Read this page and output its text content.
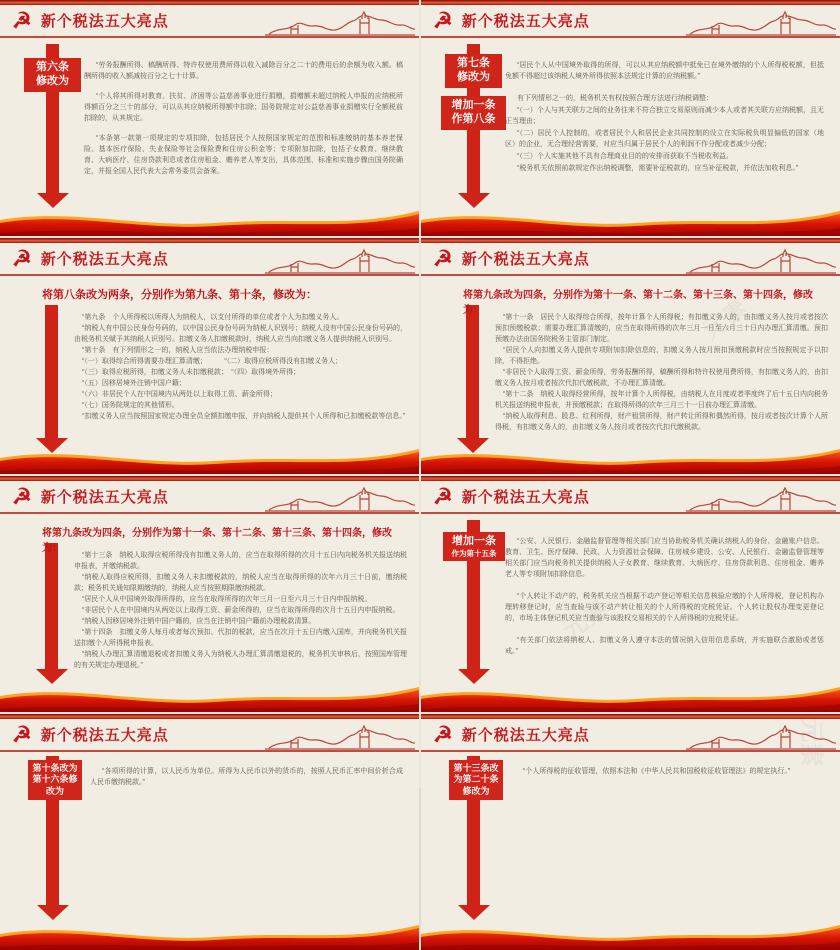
☭ 新个税法五大亮点
第六条
修改为

“劳务报酬所得、稿酬所得、特许权使用费所得以收入减除百分之二十的费用后的余额为收入额。稿酬所得的收入额减按百分之七十计算。

“个人将其所得对教育、扶贫、济困等公益慈善事业进行捐赠，捐赠额未超过纳税人申报的应纳税所得额百分之三十的部分，可以从其应纳税所得额中扣除；国务院规定对公益慈善事业捐赠实行全额税前扣除的，从其规定。

“本条第一款第一项规定的专项扣除，包括居民个人按照国家规定的范围和标准缴纳的基本养老保险、基本医疗保险、失业保险等社会保险费和住房公积金等；专项附加扣除，包括子女教育、继续教育、大病医疗、住房贷款利息或者住房租金、赡养老人等支出，具体范围、标准和实施步骤由国务院确定，并报全国人民代表大会常务委员会备案。

☭ 新个税法五大亮点
第七条
修改为
增加一条
作第八条

“居民个人从中国境外取得的所得，可以从其应纳税额中抵免已在境外缴纳的个人所得税税额，但抵免额不得超过该纳税人境外所得依照本法规定计算的应纳税额。”

有下列情形之一的，税务机关有权按照合理方法进行纳税调整：

“（一）个人与其关联方之间的业务往来不符合独立交易原则而减少本人或者其关联方应纳税额，且无正当理由；

“（二）居民个人控制的，或者居民个人和居民企业共同控制的设立在实际税负明显偏低的国家（地区）的企业，无合理经营需要，对应当归属于居民个人的利润不作分配或者减少分配；

“（三）个人实施其他不具有合理商业目的的安排而获取不当税收利益。

“税务机关依照前款规定作出纳税调整，需要补征税款的，应当补征税款，并依法加收利息。”

☭ 新个税法五大亮点
将第八条改为两条，分别作为第九条、第十条，修改为：

“第九条　个人所得税以所得人为纳税人，以支付所得的单位或者个人为扣缴义务人。

“纳税人有中国公民身份号码的，以中国公民身份号码为纳税人识别号；纳税人没有中国公民身份号码的，由税务机关赋予其纳税人识别号。扣缴义务人扣缴税款时，纳税人应当向扣缴义务人提供纳税人识别号。

“第十条　有下列情形之一的，纳税人应当依法办理纳税申报：

“（一）取得综合所得需要办理汇算清缴；　　　“（二）取得应税所得没有扣缴义务人；

“（三）取得应税所得，扣缴义务人未扣缴税款；　“（四）取得境外所得；

“（五）因移居境外注销中国户籍；

“（六）非居民个人在中国境内从两处以上取得工资、薪金所得；

“（七）国务院规定的其他情形。

“扣缴义务人应当按照国家规定办理全员全额扣缴申报，并向纳税人提供其个人所得和已扣缴税款等信息。”

☭ 新个税法五大亮点
将第九条改为四条，分别作为第十一条、第十二条、第十三条、第十四条，修改为：

“第十一条　居民个人取得综合所得，按年计算个人所得税；有扣缴义务人的，由扣缴义务人按月或者按次预扣预缴税款；需要办理汇算清缴的，应当在取得所得的次年三月一日至六月三十日内办理汇算清缴。预扣预缴办法由国务院税务主管部门制定。

“居民个人向扣缴义务人提供专项附加扣除信息的，扣缴义务人按月预扣预缴税款时应当按照规定予以扣除，不得拒绝。

“非居民个人取得工资、薪金所得，劳务报酬所得，稿酬所得和特许权使用费所得，有扣缴义务人的，由扣缴义务人按月或者按次代扣代缴税款，不办理汇算清缴。

“第十二条　纳税人取得经营所得，按年计算个人所得税，由纳税人在月度或者季度终了后十五日内向税务机关报送纳税申报表，并预缴税款；在取得所得的次年三月三十一日前办理汇算清缴。

“纳税人取得利息、股息、红利所得，财产租赁所得，财产转让所得和偶然所得，按月或者按次计算个人所得税，有扣缴义务人的，由扣缴义务人按月或者按次代扣代缴税款。

☭ 新个税法五大亮点
将第九条改为四条，分别作为第十一条、第十二条、第十三条、第十四条，修改为：

“第十三条　纳税人取得应税所得没有扣缴义务人的，应当在取得所得的次月十五日内向税务机关报送纳税申报表，并缴纳税款。

“纳税人取得应税所得，扣缴义务人未扣缴税款的，纳税人应当在取得所得的次年六月三十日前，缴纳税款；税务机关通知限期缴纳的，纳税人应当按照期限缴纳税款。

“居民个人从中国境外取得所得的，应当在取得所得的次年三月一日至六月三十日内申报纳税。

“非居民个人在中国境内从两处以上取得工资、薪金所得的，应当在取得所得的次月十五日内申报纳税。

“纳税人因移居境外注销中国户籍的，应当在注销中国户籍前办理税款清算。

“第十四条　扣缴义务人每月或者每次预扣、代扣的税款，应当在次月十五日内缴入国库，并向税务机关报送扣缴个人所得税申报表。

“纳税人办理汇算清缴退税或者扣缴义务人为纳税人办理汇算清缴退税的，税务机关审核后，按照国库管理的有关规定办理退税。”

☭ 新个税法五大亮点
增加一条
作为第十五条

“公安、人民银行、金融监督管理等相关部门应当协助税务机关确认纳税人的身份、金融账户信息。教育、卫生、医疗保障、民政、人力资源社会保障、住房城乡建设、公安、人民银行、金融监督管理等相关部门应当向税务机关提供纳税人子女教育、继续教育、大病医疗、住房贷款利息、住房租金、赡养老人等专项附加扣除信息。

“个人转让不动产的，税务机关应当根据不动产登记等相关信息核验应缴的个人所得税，登记机构办理转移登记时，应当查验与该不动产转让相关的个人所得税的完税凭证。个人转让股权办理变更登记的，市场主体登记机关应当查验与该股权交易相关的个人所得税的完税凭证。

“有关部门依法将纳税人、扣缴义务人遵守本法的情况纳入信用信息系统，并实施联合激励或者惩戒。”

☭ 新个税法五大亮点
第十条改为
第十六条修
改为

“各项所得的计算，以人民币为单位。所得为人民币以外的货币的，按照人民币汇率中间价折合成人民币缴纳税款。”

☭ 新个税法五大亮点
第十三条改
为第二十条
修改为

“个人所得税的征收管理，依照本法和《中华人民共和国税收征收管理法》的规定执行。”
